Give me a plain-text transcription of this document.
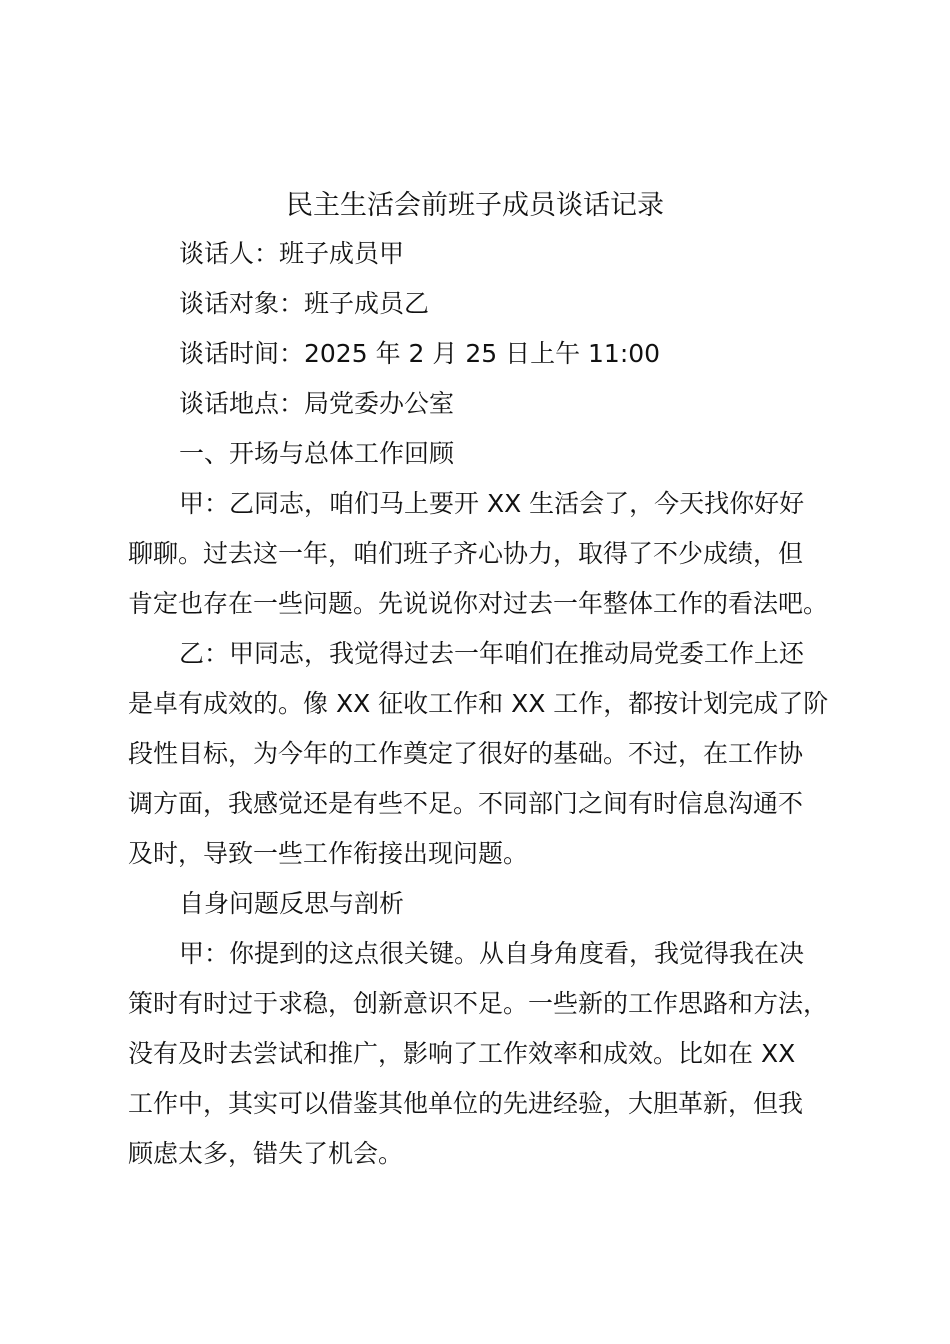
民主生活会前班子成员谈话记录
谈话人：班子成员甲
谈话对象：班子成员乙
谈话时间：2025 年 2 月 25 日上午 11:00
谈话地点：局党委办公室
一、开场与总体工作回顾
甲：乙同志，咱们马上要开 XX 生活会了，今天找你好好
聊聊。过去这一年，咱们班子齐心协力，取得了不少成绩，但
肯定也存在一些问题。先说说你对过去一年整体工作的看法吧。
乙：甲同志，我觉得过去一年咱们在推动局党委工作上还
是卓有成效的。像 XX 征收工作和 XX 工作，都按计划完成了阶
段性目标，为今年的工作奠定了很好的基础。不过，在工作协
调方面，我感觉还是有些不足。不同部门之间有时信息沟通不
及时，导致一些工作衔接出现问题。
自身问题反思与剖析
甲：你提到的这点很关键。从自身角度看，我觉得我在决
策时有时过于求稳，创新意识不足。一些新的工作思路和方法，
没有及时去尝试和推广，影响了工作效率和成效。比如在 XX
工作中，其实可以借鉴其他单位的先进经验，大胆革新，但我
顾虑太多，错失了机会。
